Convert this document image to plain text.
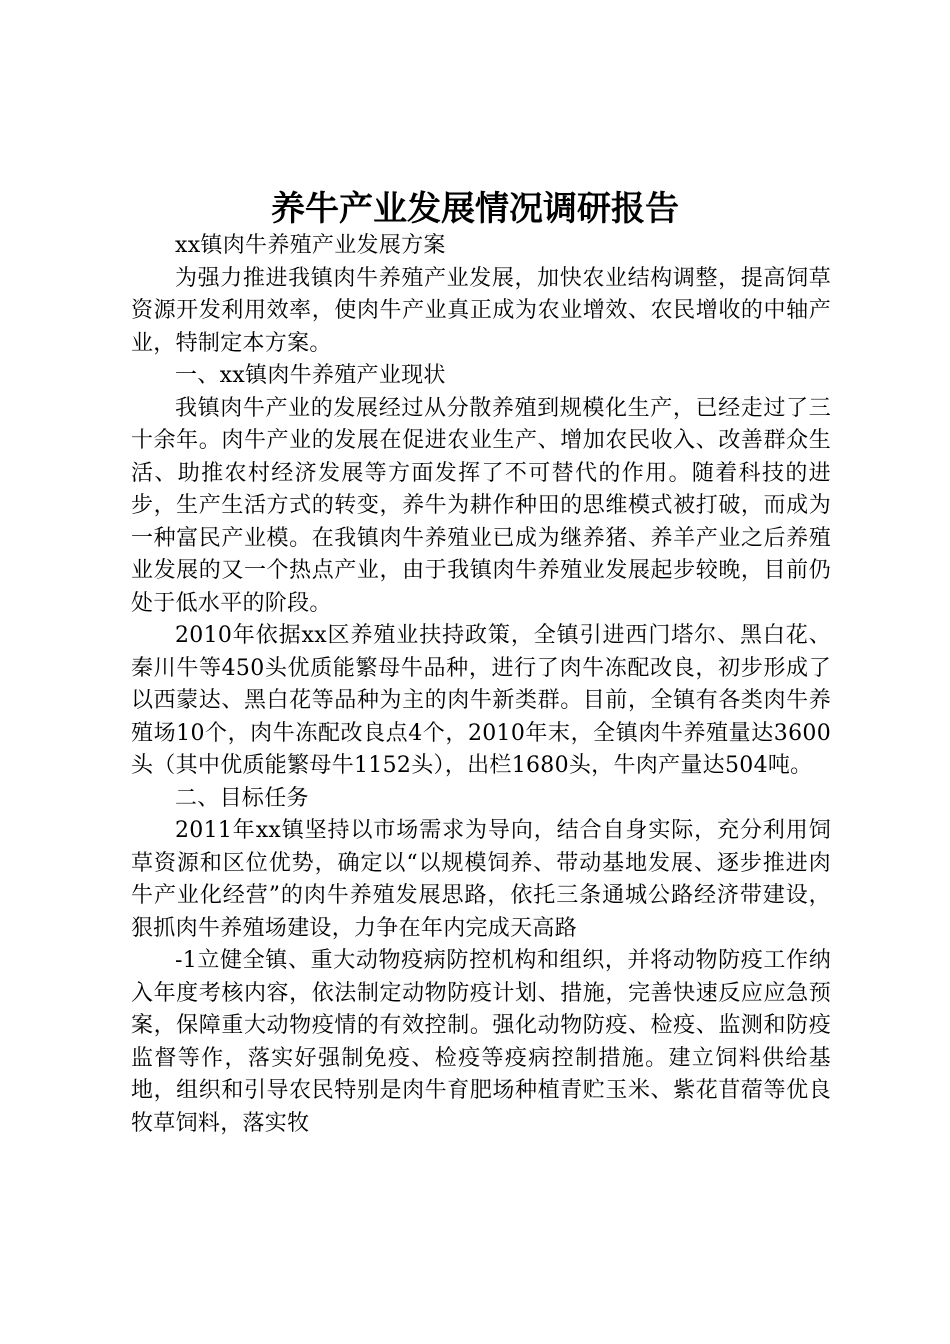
养牛产业发展情况调研报告

xx镇肉牛养殖产业发展方案

为强力推进我镇肉牛养殖产业发展，加快农业结构调整，提高饲草资源开发利用效率，使肉牛产业真正成为农业增效、农民增收的中轴产业，特制定本方案。

一、xx镇肉牛养殖产业现状

我镇肉牛产业的发展经过从分散养殖到规模化生产，已经走过了三十余年。肉牛产业的发展在促进农业生产、增加农民收入、改善群众生活、助推农村经济发展等方面发挥了不可替代的作用。随着科技的进步，生产生活方式的转变，养牛为耕作种田的思维模式被打破，而成为一种富民产业模。在我镇肉牛养殖业已成为继养猪、养羊产业之后养殖业发展的又一个热点产业，由于我镇肉牛养殖业发展起步较晚，目前仍处于低水平的阶段。

2010年依据xx区养殖业扶持政策，全镇引进西门塔尔、黑白花、秦川牛等450头优质能繁母牛品种，进行了肉牛冻配改良，初步形成了以西蒙达、黑白花等品种为主的肉牛新类群。目前，全镇有各类肉牛养殖场10个，肉牛冻配改良点4个，2010年末，全镇肉牛养殖量达3600头（其中优质能繁母牛1152头），出栏1680头，牛肉产量达504吨。

二、目标任务

2011年xx镇坚持以市场需求为导向，结合自身实际，充分利用饲草资源和区位优势，确定以“以规模饲养、带动基地发展、逐步推进肉牛产业化经营”的肉牛养殖发展思路，依托三条通城公路经济带建设，狠抓肉牛养殖场建设，力争在年内完成天高路

-1立健全镇、重大动物疫病防控机构和组织，并将动物防疫工作纳入年度考核内容，依法制定动物防疫计划、措施，完善快速反应应急预案，保障重大动物疫情的有效控制。强化动物防疫、检疫、监测和防疫监督等作，落实好强制免疫、检疫等疫病控制措施。建立饲料供给基地，组织和引导农民特别是肉牛育肥场种植青贮玉米、紫花苜蓿等优良牧草饲料，落实牧
